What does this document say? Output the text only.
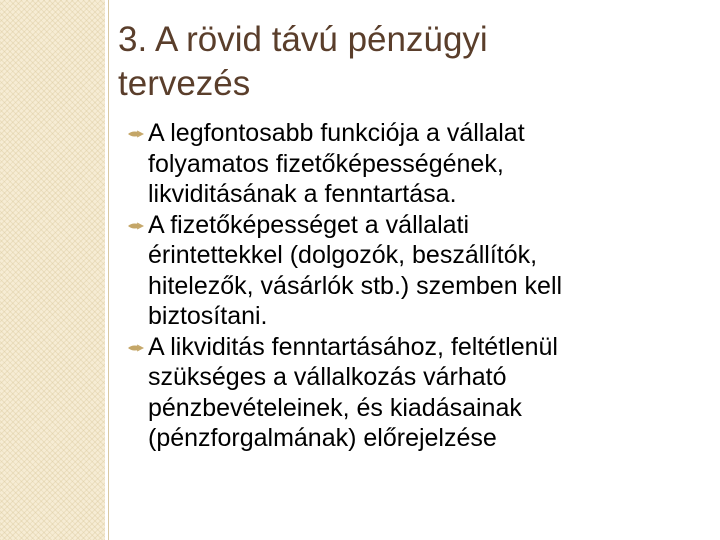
3. A rövid távú pénzügyi
tervezés
A legfontosabb funkciója a vállalat
folyamatos fizetőképességének,
likviditásának a fenntartása.
A fizetőképességet a vállalati
érintettekkel (dolgozók, beszállítók,
hitelezők, vásárlók stb.) szemben kell
biztosítani.
A likviditás fenntartásához, feltétlenül
szükséges a vállalkozás várható
pénzbevételeinek, és kiadásainak
(pénzforgalmának) előrejelzése
